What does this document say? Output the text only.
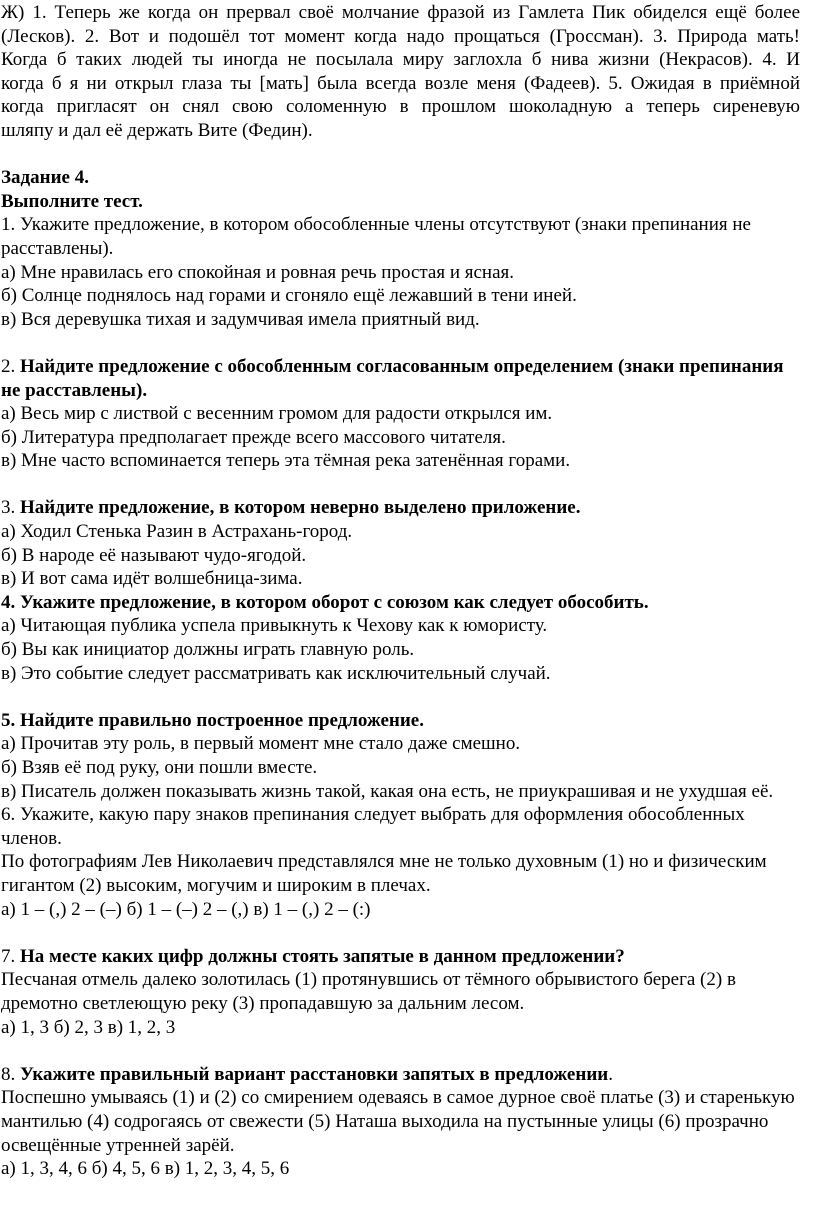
Ж) 1. Теперь же когда он прервал своё молчание фразой из Гамлета Пик обиделся ещё более

(Лесков). 2. Вот и подошёл тот момент когда надо прощаться (Гроссман). 3. Природа мать!

Когда б таких людей ты иногда не посылала миру заглохла б нива жизни (Некрасов). 4. И

когда б я ни открыл глаза ты [мать] была всегда возле меня (Фадеев). 5. Ожидая в приёмной

когда пригласят он снял свою соломенную в прошлом шоколадную а теперь сиреневую

шляпу и дал её держать Вите (Федин).

Задание 4.

Выполните тест.

1. Укажите предложение, в котором обособленные члены отсутствуют (знаки препинания не расставлены).

а) Мне нравилась его спокойная и ровная речь простая и ясная.

б) Солнце поднялось над горами и сгоняло ещё лежавший в тени иней.

в) Вся деревушка тихая и задумчивая имела приятный вид.

2. Найдите предложение с обособленным согласованным определением (знаки препинания не расставлены).

а) Весь мир с листвой с весенним громом для радости открылся им.

б) Литература предполагает прежде всего массового читателя.

в) Мне часто вспоминается теперь эта тёмная река затенённая горами.

3. Найдите предложение, в котором неверно выделено приложение.

а) Ходил Стенька Разин в Астрахань-город.

б) В народе её называют чудо-ягодой.

в) И вот сама идёт волшебница-зима.

4. Укажите предложение, в котором оборот с союзом как следует обособить.

а) Читающая публика успела привыкнуть к Чехову как к юмористу.

б) Вы как инициатор должны играть главную роль.

в) Это событие следует рассматривать как исключительный случай.

5. Найдите правильно построенное предложение.

а) Прочитав эту роль, в первый момент мне стало даже смешно.

б) Взяв её под руку, они пошли вместе.

в) Писатель должен показывать жизнь такой, какая она есть, не приукрашивая и не ухудшая её.

6. Укажите, какую пару знаков препинания следует выбрать для оформления обособленных членов.

По фотографиям Лев Николаевич представлялся мне не только духовным (1) но и физическим гигантом (2) высоким, могучим и широким в плечах.

а) 1 – (,) 2 – (–) б) 1 – (–) 2 – (,) в) 1 – (,) 2 – (:)

7. На месте каких цифр должны стоять запятые в данном предложении?

Песчаная отмель далеко золотилась (1) протянувшись от тёмного обрывистого берега (2) в дремотно светлеющую реку (3) пропадавшую за дальним лесом.

а) 1, 3 б) 2, 3 в) 1, 2, 3

8. Укажите правильный вариант расстановки запятых в предложении.

Поспешно умываясь (1) и (2) со смирением одеваясь в самое дурное своё платье (3) и старенькую мантилью (4) содрогаясь от свежести (5) Наташа выходила на пустынные улицы (6) прозрачно освещённые утренней зарёй.

а) 1, 3, 4, 6 б) 4, 5, 6 в) 1, 2, 3, 4, 5, 6
